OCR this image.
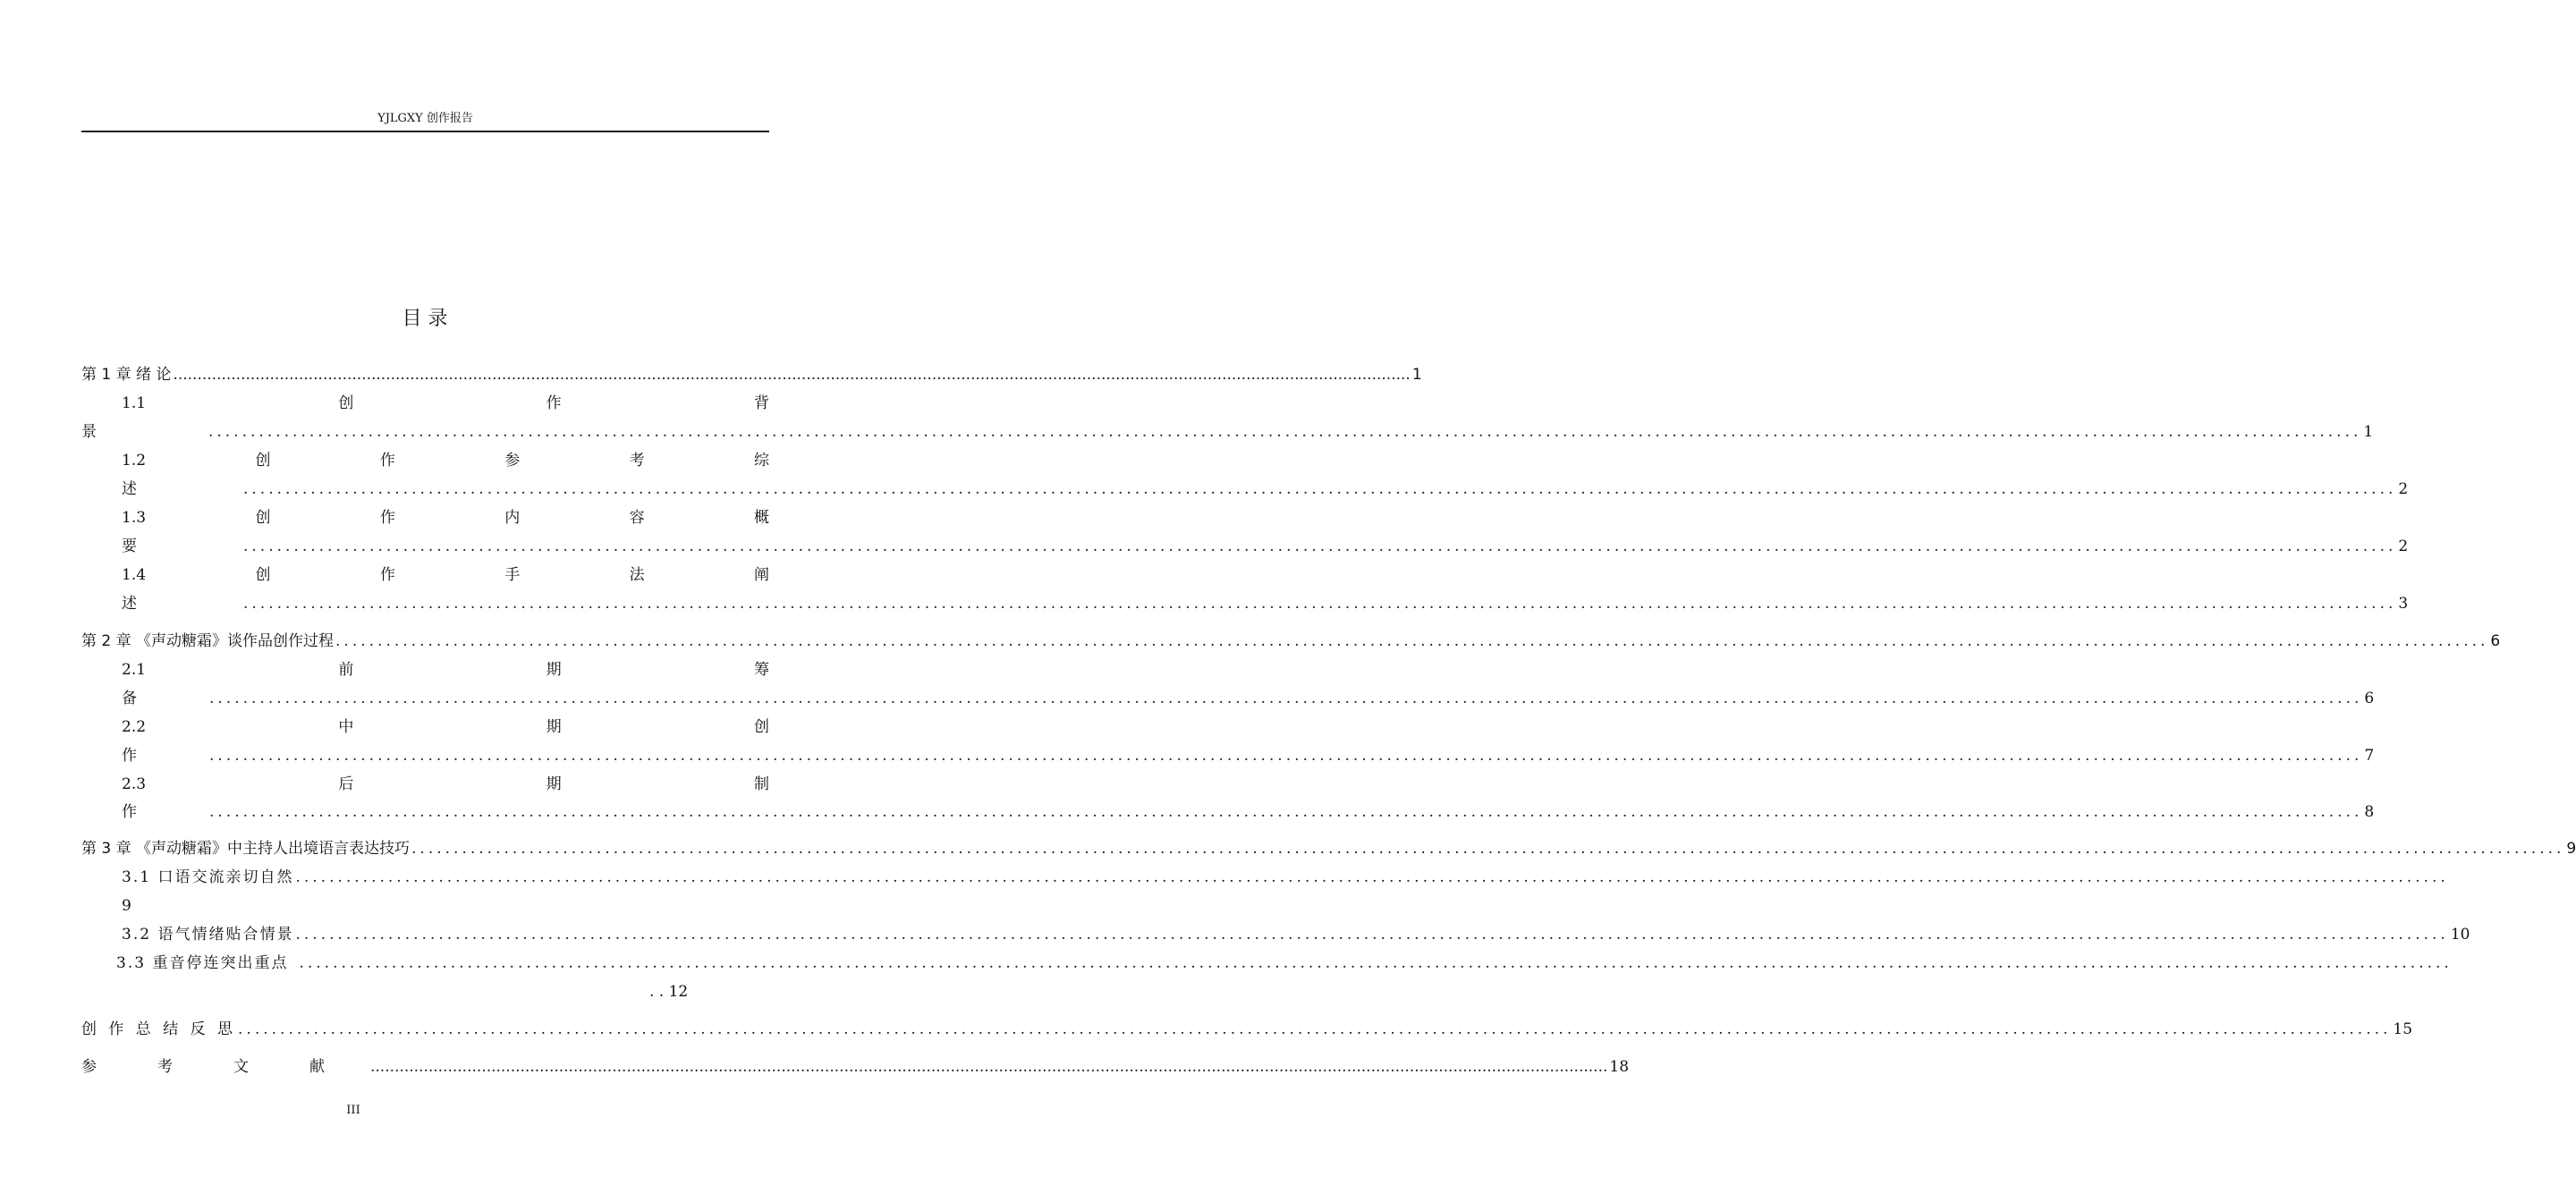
YJLGXY 创作报告
目 录
第 1 章 绪 论 ................................................................................................................................................................................................................................................................ 1
1.1	创	作	背
景	................................................................................................................................................................................................................................................................ 1
1.2	创	作	参	考	综
述	................................................................................................................................................................................................................................................................ 2
1.3	创	作	内	容	概
要	................................................................................................................................................................................................................................................................ 2
1.4	创	作	手	法	阐
述	................................................................................................................................................................................................................................................................ 3
第 2 章 《声动糖霜》谈作品创作过程 ................................................................................................................................................................................................................................................................ 6
2.1	前	期	筹
备	................................................................................................................................................................................................................................................................ 6
2.2	中	期	创
作	................................................................................................................................................................................................................................................................ 7
2.3	后	期	制
作	................................................................................................................................................................................................................................................................ 8
第 3 章 《声动糖霜》中主持人出境语言表达技巧 ................................................................................................................................................................................................................................................................ 9
3.1 口语交流亲切自然 ................................................................................................................................................................................................................................................................
9
3.2 语气情绪贴合情景 ................................................................................................................................................................................................................................................................ 10
3.3 重音停连突出重点 ................................................................................................................................................................................................................................................................
. . 12
创 作 总 结 反 思 ................................................................................................................................................................................................................................................................ 15
参	考	文	献	................................................................................................................................................................................................................................................................ 18
III
